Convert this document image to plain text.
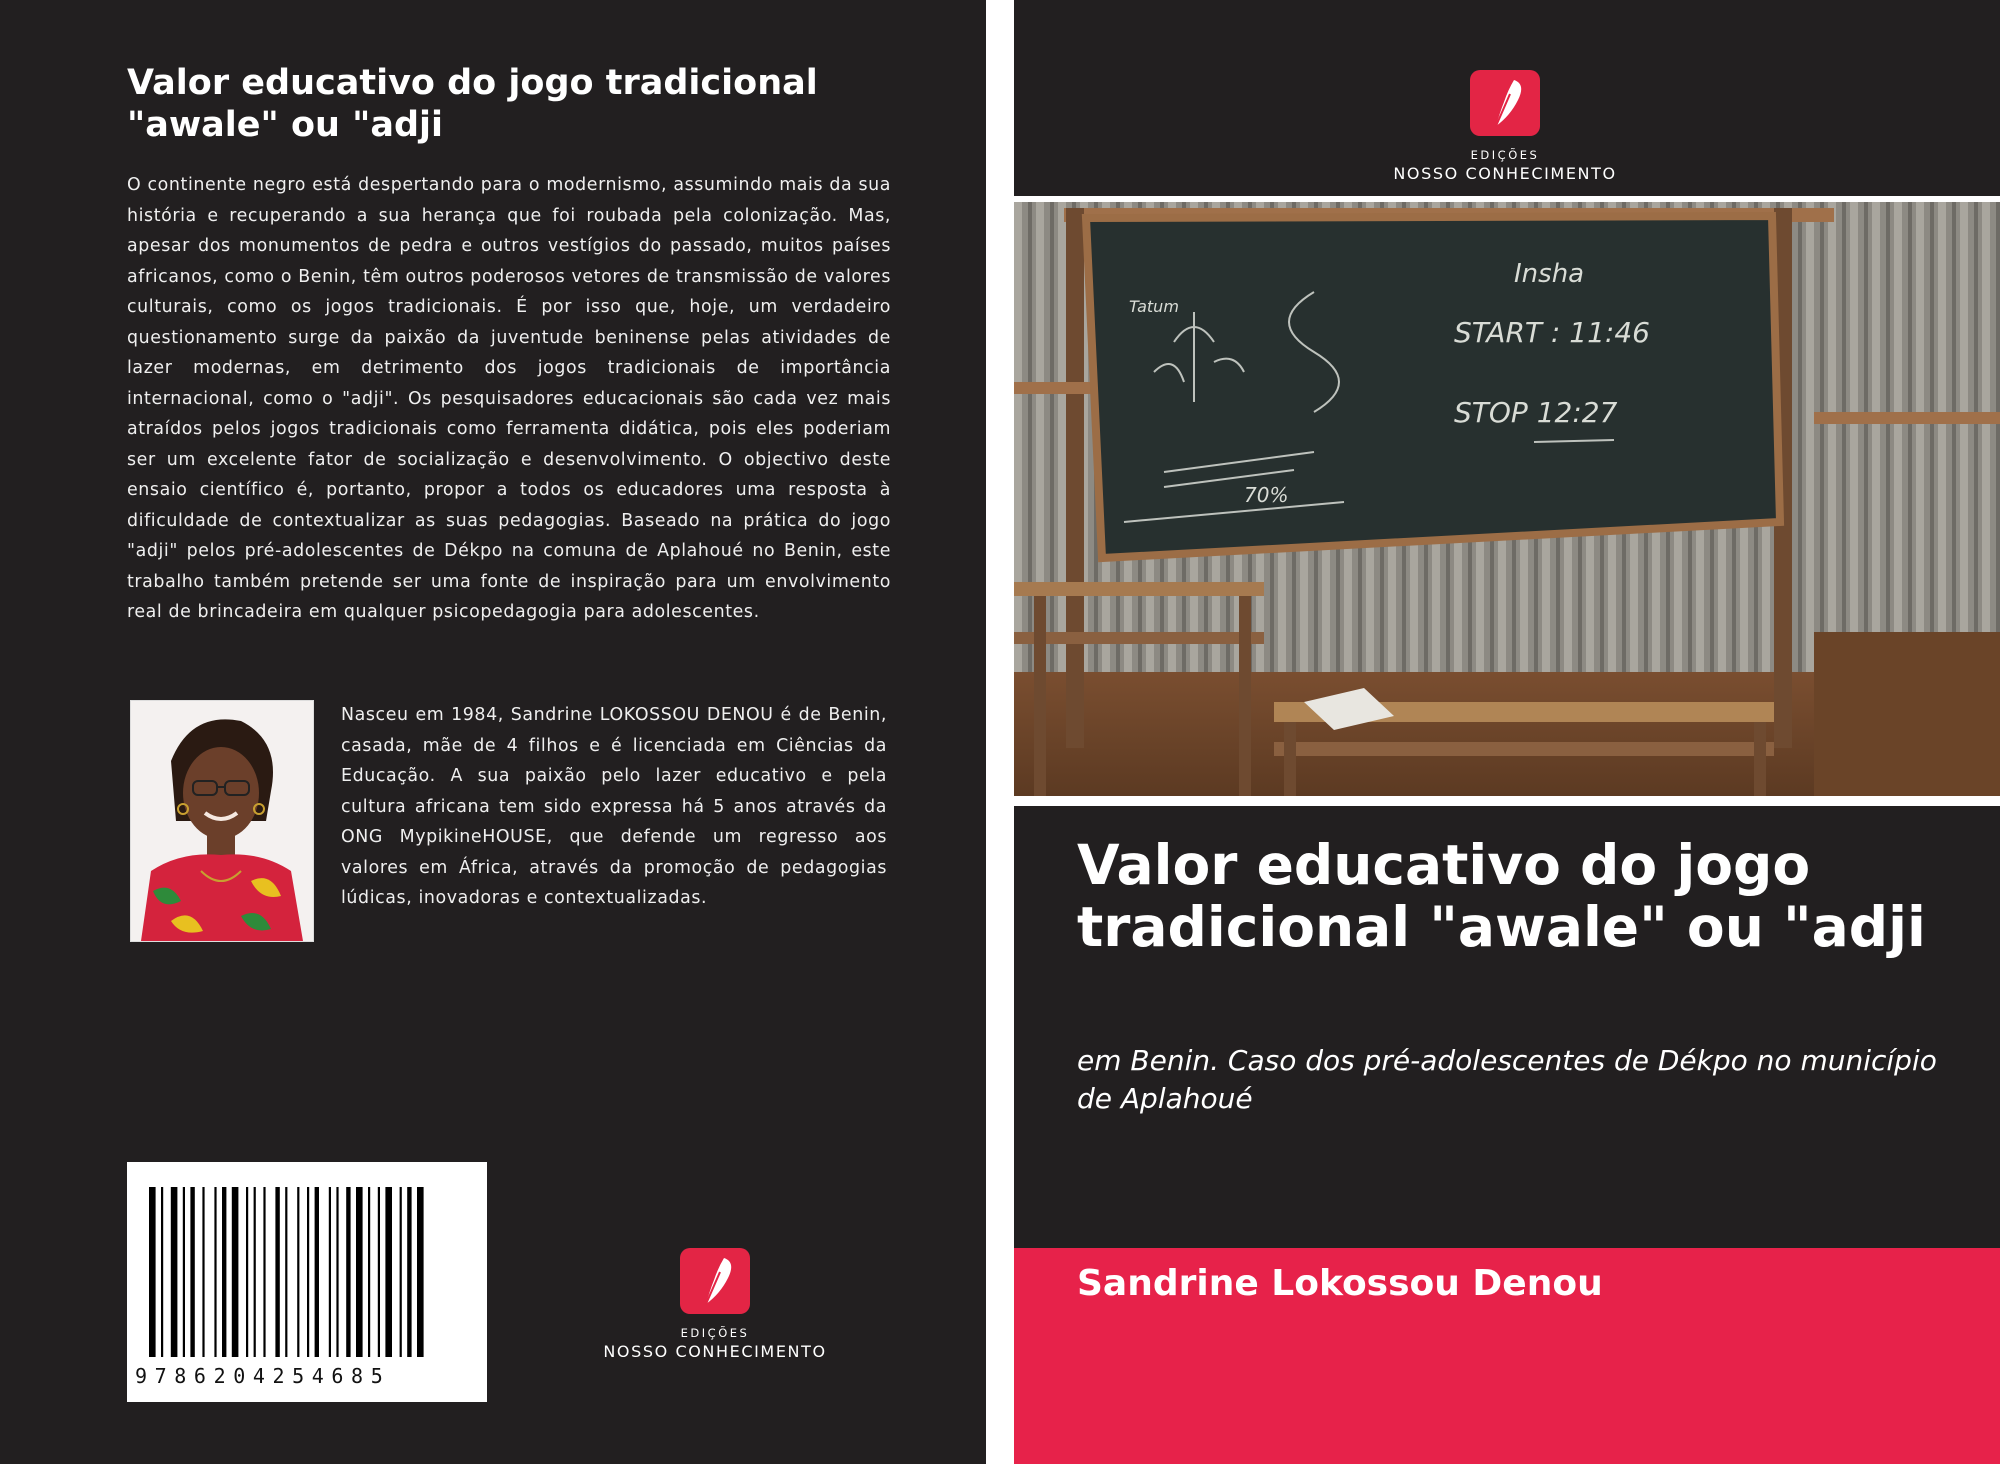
Valor educativo do jogo tradicional "awale" ou "adji

O continente negro está despertando para o modernismo, assumindo mais da sua história e recuperando a sua herança que foi roubada pela colonização. Mas, apesar dos monumentos de pedra e outros vestígios do passado, muitos países africanos, como o Benin, têm outros poderosos vetores de transmissão de valores culturais, como os jogos tradicionais. É por isso que, hoje, um verdadeiro questionamento surge da paixão da juventude beninense pelas atividades de lazer modernas, em detrimento dos jogos tradicionais de importância internacional, como o "adji". Os pesquisadores educacionais são cada vez mais atraídos pelos jogos tradicionais como ferramenta didática, pois eles poderiam ser um excelente fator de socialização e desenvolvimento. O objectivo deste ensaio científico é, portanto, propor a todos os educadores uma resposta à dificuldade de contextualizar as suas pedagogias. Baseado na prática do jogo "adji" pelos pré-adolescentes de Dékpo na comuna de Aplahoué no Benin, este trabalho também pretende ser uma fonte de inspiração para um envolvimento real de brincadeira em qualquer psicopedagogia para adolescentes.

Nasceu em 1984, Sandrine LOKOSSOU DENOU é de Benin, casada, mãe de 4 filhos e é licenciada em Ciências da Educação. A sua paixão pelo lazer educativo e pela cultura africana tem sido expressa há 5 anos através da ONG MypikineHOUSE, que defende um regresso aos valores em África, através da promoção de pedagogias lúdicas, inovadoras e contextualizadas.

9786204254685
EDIÇÕES
NOSSO CONHECIMENTO
EDIÇÕES
NOSSO CONHECIMENTO
Insha
Tatum
START : 11:46
STOP 12:27
70%
Valor educativo do jogo tradicional "awale" ou "adji

em Benin. Caso dos pré-adolescentes de Dékpo no município de Aplahoué

Sandrine Lokossou Denou
